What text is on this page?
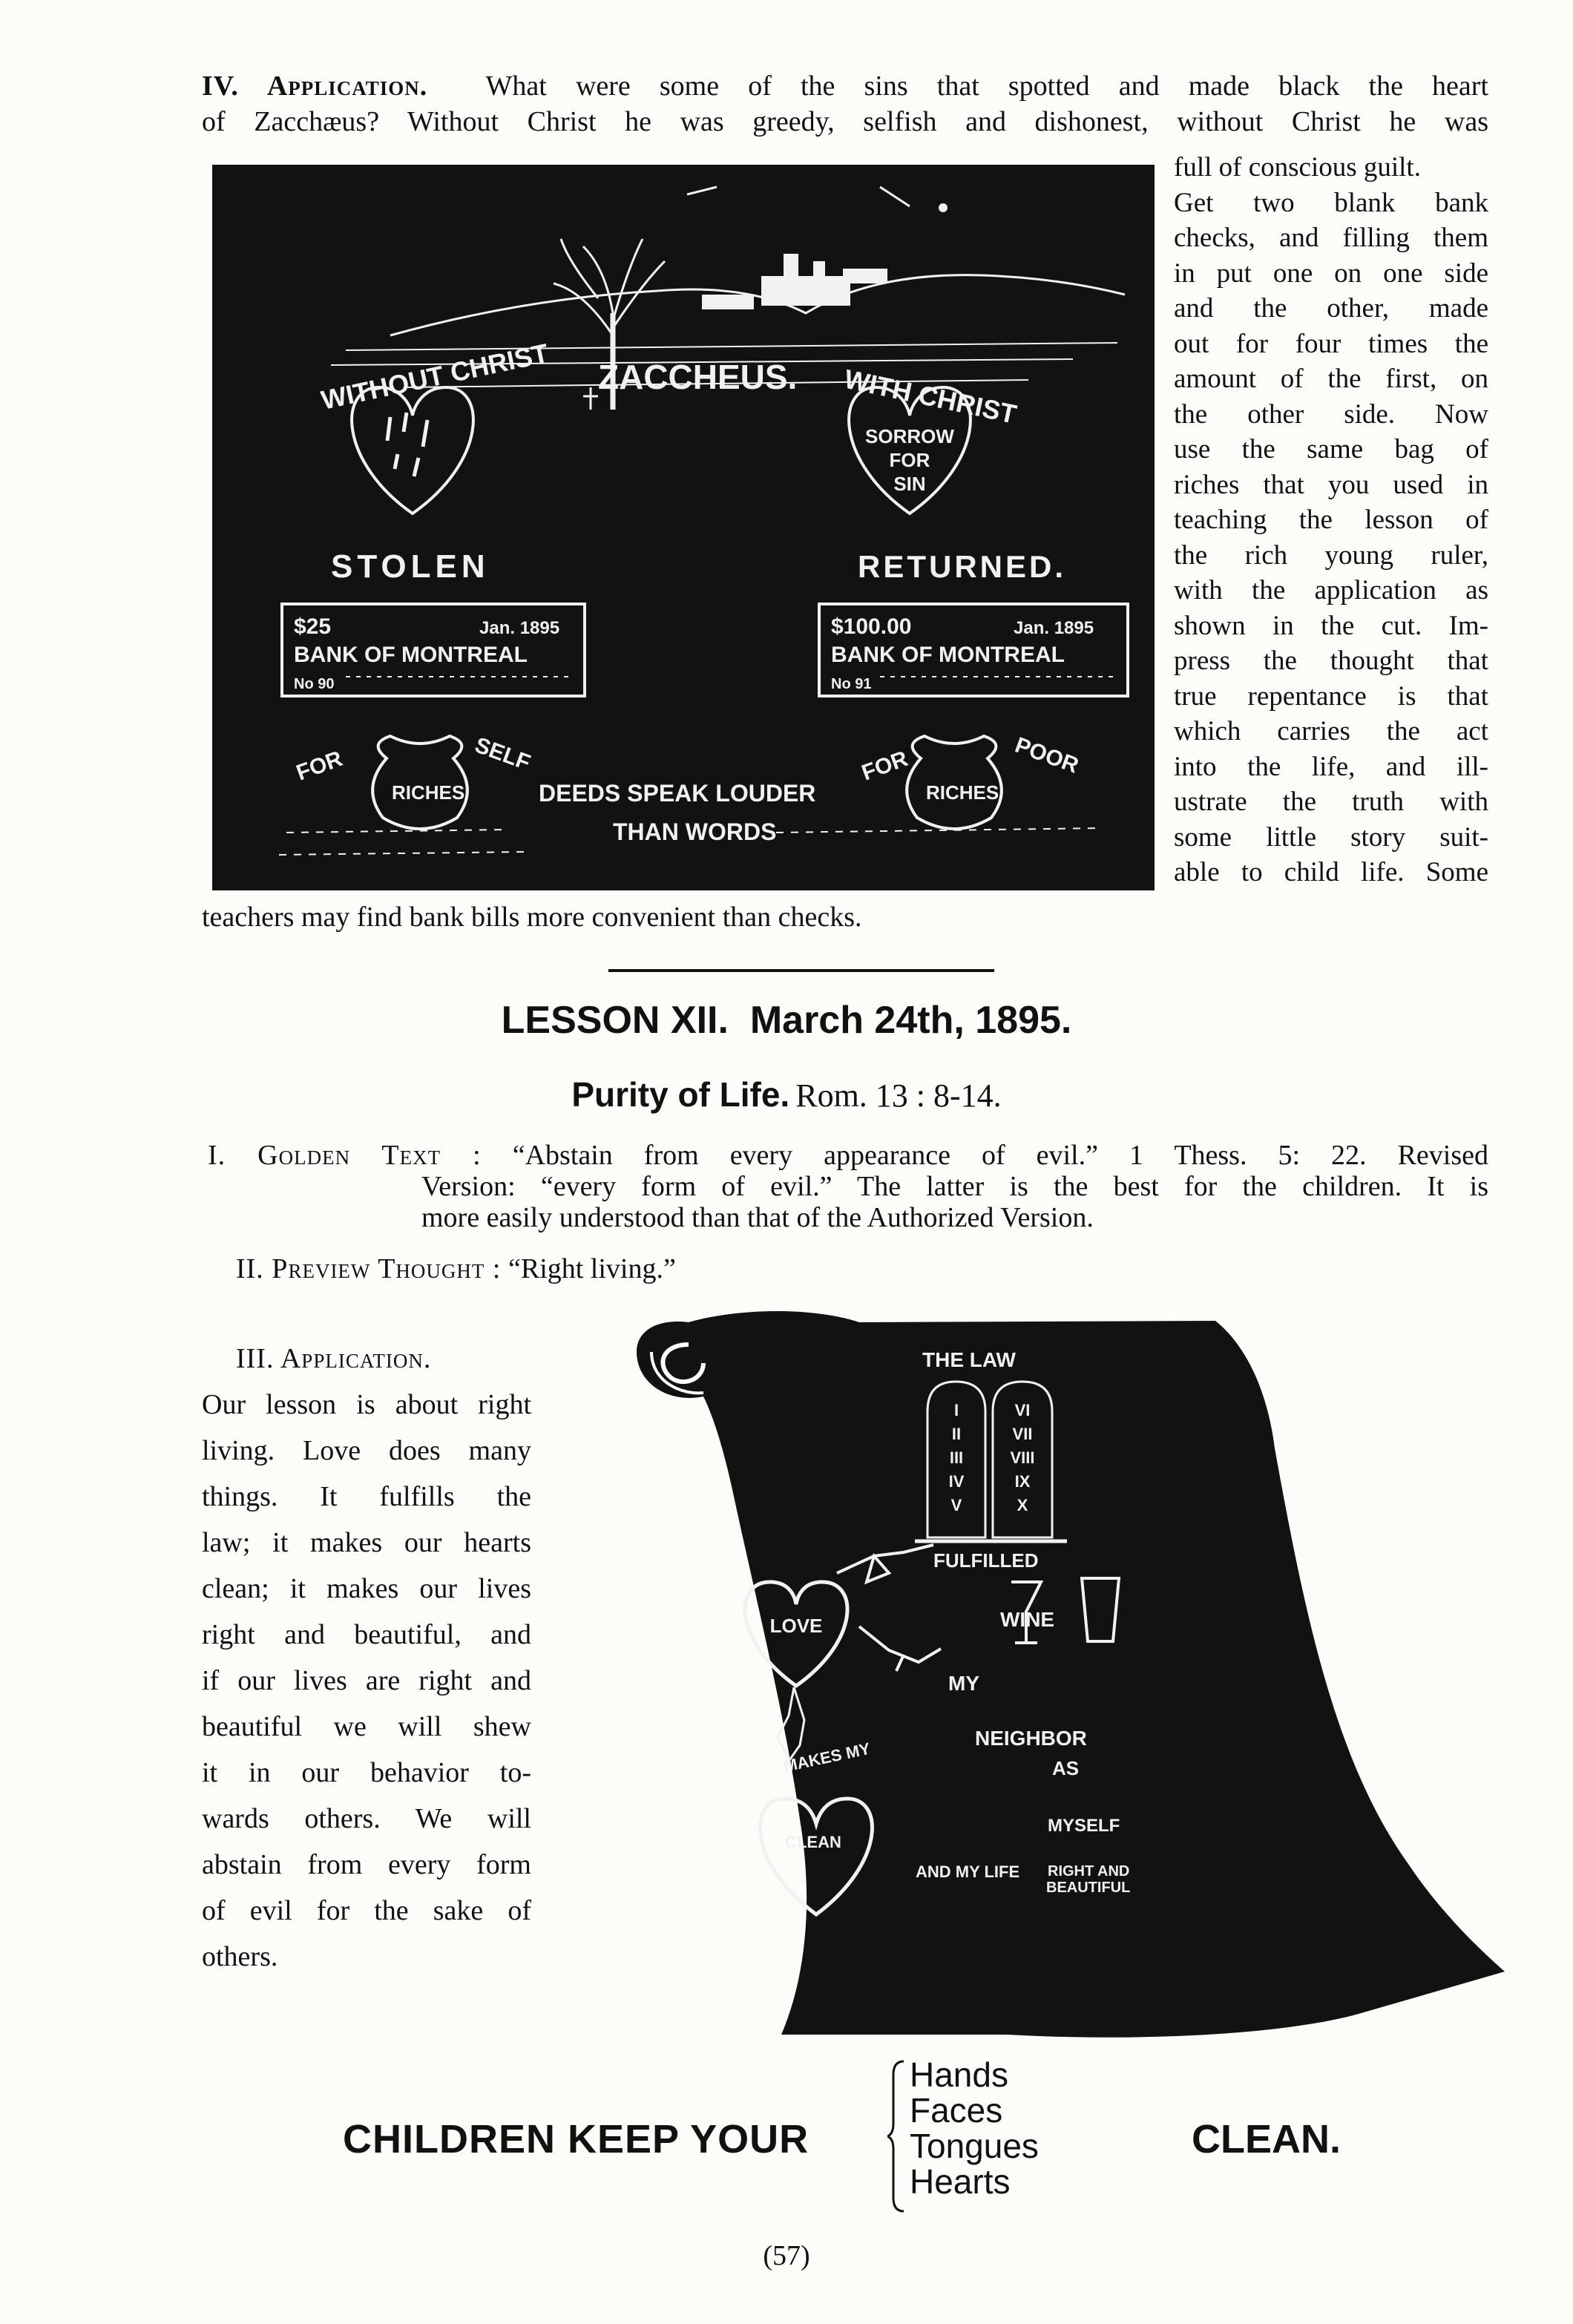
IV. Application. What were some of the sins that spotted and made black the heart
of Zacchæus? Without Christ he was greedy, selfish and dishonest, without Christ he was
WITHOUT CHRIST ZACCHEUS. WITH CHRIST
SORROW
FOR
SIN
STOLEN	RETURNED.
$25	Jan. 1895
BANK OF MONTREAL
No 90
$100.00	Jan. 1895
BANK OF MONTREAL
No 91
RICHES
FOR	SELF
RICHES
FOR	POOR
DEEDS SPEAK LOUDER
THAN WORDS
full of conscious guilt.
Get two blank bank
checks, and filling them
in put one on one side
and the other, made
out for four times the
amount of the first, on
the other side. Now
use the same bag of
riches that you used in
teaching the lesson of
the rich young ruler,
with the application as
shown in the cut. Im-
press the thought that
true repentance is that
which carries the act
into the life, and ill-
ustrate the truth with
some little story suit-
able to child life. Some
teachers may find bank bills more convenient than checks.
LESSON XII. March 24th, 1895.
Purity of Life. Rom. 13 : 8-14.
I. Golden Text : “Abstain from every appearance of evil.” 1 Thess. 5: 22. Revised
Version: “every form of evil.” The latter is the best for the children. It is
more easily understood than that of the Authorized Version.
II. Preview Thought : “Right living.”
III. Application.
Our lesson is about right
living. Love does many
things. It fulfills the
law; it makes our hearts
clean; it makes our lives
right and beautiful, and
if our lives are right and
beautiful we will shew
it in our behavior to-
wards others. We will
abstain from every form
of evil for the sake of
others.
THE LAW
I
II
III
IV
V
VI
VII
VIII
IX
X
FULFILLED
LOVE	WINE
MY
NEIGHBOR
AS
MYSELF
MAKES MY
CLEAN
AND MY LIFE RIGHT AND
BEAUTIFUL
CHILDREN KEEP YOUR
Hands
Faces
Tongues
Hearts
CLEAN.
(57)
